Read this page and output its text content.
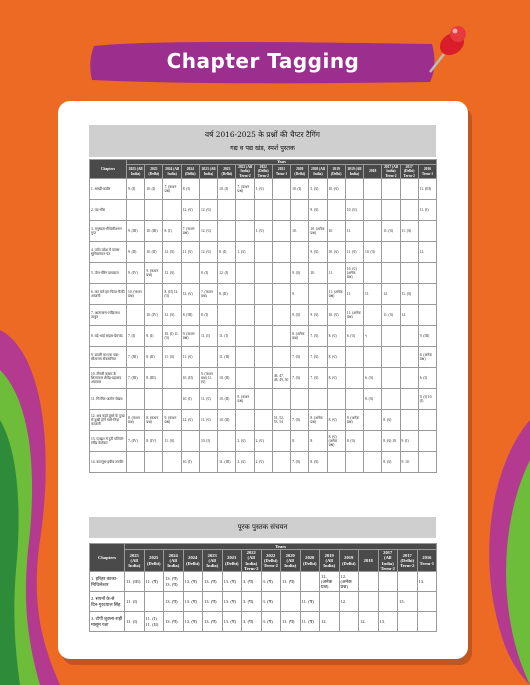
Chapter Tagging
वर्ष 2016-2025 के प्रश्नों की चैप्टर टैगिंग
गद्य व पद्य खंड, स्पर्श पुस्तक
Chapters	Years																
	2025 (All India)	2025 (Delhi)	2024 (All India)	2024 (Delhi)	2023 (All India)	2023 (Delhi)	2022 (All India) Term-2	2022 (Delhi) Term-2	2021 Term-1	2020 (Delhi)	2020 (All India)	2019 (Delhi)	2019 (All India)	2018	2017 (All India) Term-2	2017 (Delhi) Term-2	2016 Term-1
1. साखी-कबीर	9. (I)	10. (I)	7. (कथन प्रश्न)	8. (I)		10. (I)	7. (कथन प्रश्न)	1. (प)		10. (I)	5. (प)	10. (प)					11. (III)
2. पद-मीरा				12. (प)	12. (प)						9. (प)		10. (प)				11. (I)
3. मनुष्यता-मैथिलीशरण गुप्त	9. (III)	10. (III)	8. (I)	7. (कथन प्रश्न)	12. (प)			1. (प)		10.	10. (अनेक प्रश्न)	10.	11.		11. (प)	11. (प)	
4. पर्वत प्रदेश में पावस-सुमित्रानंदन पंत	9. (II)	10. (II)	12. (प)	11. (प)	12. (प)	8. (I)	1. (प)				9. (प)	10. (प)	11. (प)	10. (प)			12.
5. तोप-वीरेन प्रसादाल	9. (IV)	9. (कथन प्रश्न)	12. (प)		8. (I)	12. (I)				9. (प)	10.	11.	10. (प) (अनेक प्रश्न)				
6. कर चले हम फिदा-कैफी आज़मी	10. (कथन प्रश्न)		8. (II) 12. (प)	12. (प)	7. (कथन प्रश्न)	8. (II)				9.		11. (अनेक प्रश्न)	11.	11.	12.	11. (प)	
7. आत्मत्राण-रवींद्रनाथ ठाकुर		10. (IV)	12. (प)	8. (III)	8. (I)					9. (प)	9. (प)	10. (प)	11. (अनेक प्रश्न)		11. (प)	12.	
8. बड़े भाई साहब-प्रेमचंद	7. (I)	8. (I)	10. (I) 11. (प)	9. (कथन प्रश्न)	11. (I)	11. (I)				8. (अनेक प्रश्न)	7. (प)	8. (प)	6. (प)	९			9. (III)
9. डायरी का एक पन्ना-सीताराम सेकसरिया	7. (III)	8. (II)	11. (प)	11. (प)		11. (II)				7. (प)	7. (प)	8. (प)					6. (अनेक प्रश्न)
10. तीसरी कसम के शिल्पकार शैलेंद्र-प्रहलाद अग्रवाल	7. (III)	8. (III)		10. (II)	9. (कथन प्रश्न) 11. (प)	10. (II)			46, 47, 48, 49, 50	7. (प)	7. (प)	8. (प)		6. (प)			6. (I)
11. गिरगिट-अंतोन चेखव				10. (I)	11. (प)	10. (II)	9. (कथन प्रश्न)							8. (प)			9. (I) 10. (I)
12. अब कहाँ दूसरे के दुःख से दुखी होने वाले-निदा फ़ाज़ली	8. (कथन प्रश्न)	8. (कथन प्रश्न)	9. (कथन प्रश्न)	12. (प)	11. (प)	10. (II)			51, 52, 53, 54	7. (प)	8. (अनेक प्रश्न)	8. (प)	9. (अनेक प्रश्न)		8. (प)		
13. पतझर में टूटी पत्तियाँ-रवींद्र केलेकर	7. (IV)	8. (IV)	11. (प)		10. (I)		2. (प)	2. (प)		8.	8.	8. (प) (अनेक प्रश्न)	8. (प)		8. (प) 10.	9. (I)	
14. कारतूस-हबीब तनवीर				10. (I)		11. (III)	2. (प)	2. (प)		7. (प)	8. (प)				8. (प)	9. 10.	
पूरक पुस्तक संचयन
Chapters	Years															
	2025 (All India)	2025 (Delhi)	2024 (All India)	2024 (Delhi)	2023 (All India)	2023 (Delhi)	2022 (All India) Term-2	2022 (Delhi) Term-2	2020 (All India)	2020 (Delhi)	2019 (All India)	2019 (Delhi)	2018	2017 (All India) Term-2	2017 (Delhi) Term-2	2016 Term-1
1. हरिहर काका-मिथिलेश्वर	11. (III)	11. (प)	13. (प) 13. (प)	13. (प)	13. (प)	13. (प)	3. (प)	3. (प)	11. (प)		12. (अनेक प्रश्न)	12. (अनेक प्रश्न)				13.
2. सपनों के-से दिन-गुरदयाल सिंह	11. (I)		13. (प)	13. (प)	13. (प)	13. (प)	3. (प)	3. (प)		11. (प)		12.			13.	
3. टोपी शुक्ला-राही मासूम रज़ा	11. (I)	11. (I) 11. (II)	13. (प)	13. (प)	13. (प)	13. (प)	3. (प)	3. (प)	11. (प)	11. (प)	12.		12.	13.		
